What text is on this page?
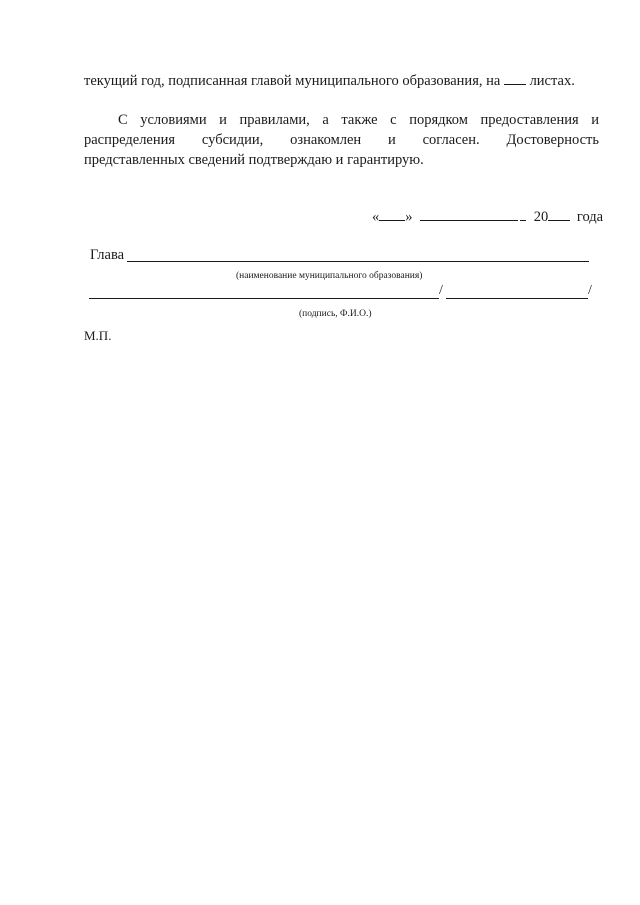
текущий год, подписанная главой муниципального образования, на листах.
С условиями и правилами, а также с порядком предоставления и
распределения субсидии, ознакомлен и согласен. Достоверность
представленных сведений подтверждаю и гарантирую.
« »	20 года
Глава
(наименование муниципального образования)
/	/
(подпись, Ф.И.О.)
М.П.
